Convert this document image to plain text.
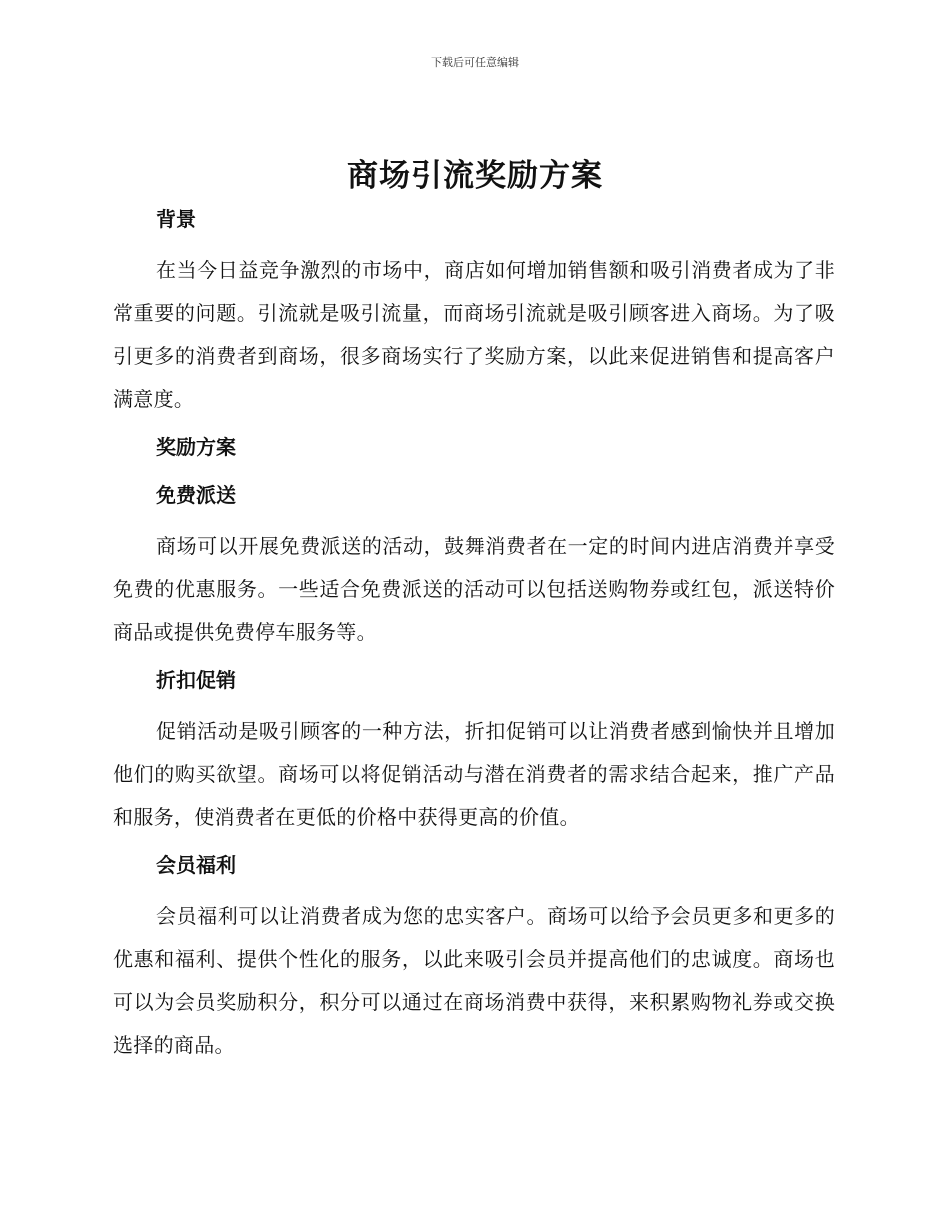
下载后可任意编辑
商场引流奖励方案
背景

在当今日益竞争激烈的市场中，商店如何增加销售额和吸引消费者成为了非常重要的问题。引流就是吸引流量，而商场引流就是吸引顾客进入商场。为了吸引更多的消费者到商场，很多商场实行了奖励方案，以此来促进销售和提高客户满意度。

奖励方案
免费派送

商场可以开展免费派送的活动，鼓舞消费者在一定的时间内进店消费并享受免费的优惠服务。一些适合免费派送的活动可以包括送购物券或红包，派送特价商品或提供免费停车服务等。

折扣促销

促销活动是吸引顾客的一种方法，折扣促销可以让消费者感到愉快并且增加他们的购买欲望。商场可以将促销活动与潜在消费者的需求结合起来，推广产品和服务，使消费者在更低的价格中获得更高的价值。

会员福利

会员福利可以让消费者成为您的忠实客户。商场可以给予会员更多和更多的优惠和福利、提供个性化的服务，以此来吸引会员并提高他们的忠诚度。商场也可以为会员奖励积分，积分可以通过在商场消费中获得，来积累购物礼券或交换选择的商品。
